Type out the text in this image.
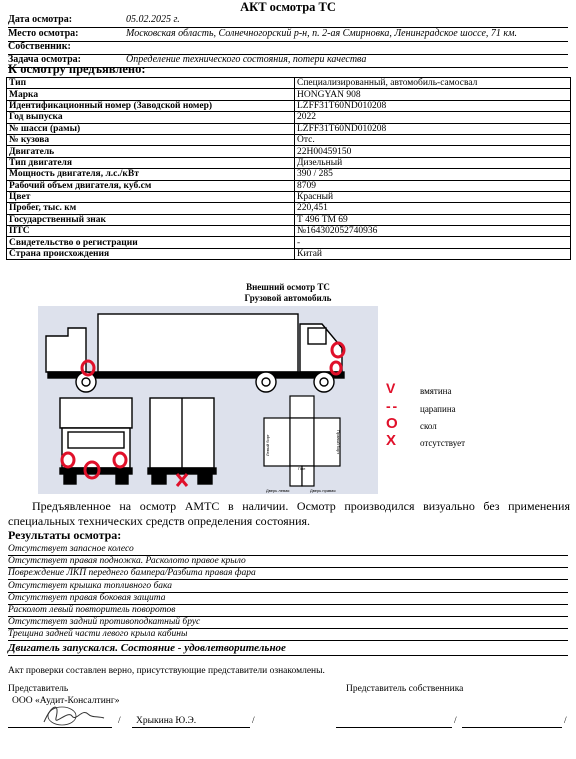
АКТ осмотра ТС
Дата осмотра:	05.02.2025 г.
Место осмотра:	Московская область, Солнечногорский р-н, п. 2-ая Смирновка, Ленинградское шоссе, 71 км.
Собственник:
Задача осмотра:	Определение технического состояния, потери качества
К осмотру предъявлено:
Тип	Специализированный, автомобиль-самосвал
Марка	HONGYAN 908
Идентификационный номер (Заводской номер)	LZFF31T60ND010208
Год выпуска	2022
№ шасси (рамы)	LZFF31T60ND010208
№ кузова	Отс.
Двигатель	22H00459150
Тип двигателя	Дизельный
Мощность двигателя, л.с./кВт	390 / 285
Рабочий объем двигателя, куб.см	8709
Цвет	Красный
Пробег, тыс. км	220,451
Государственный знак	Т 496 ТМ 69
ПТС	№164302052740936
Свидетельство о регистрации	-
Страна происхождения	Китай
Внешний осмотр ТС
Грузовой автомобиль
Левый борт	Правый борт
Пол
Дверь левая	Дверь правая
V	вмятина
- -	царапина
O скол
X	отсутствует
Предъявленное на осмотр АМТС в наличии. Осмотр производился визуально без применения специальных технических средств определения состояния.
Результаты осмотра:
Отсутствует запасное колесо
Отсутствует правая подножка. Расколото правое крыло
Повреждение ЛКП переднего бампера/Разбита правая фара
Отсутствует крышка топливного бака
Отсутствует правая боковая защита
Расколот левый повторитель поворотов
Отсутствует задний противоподкатный брус
Трещина задней части левого крыла кабины
Двигатель запускался. Состояние - удовлетворительное
Акт проверки составлен верно, присутствующие представители ознакомлены.
Представитель
ООО «Аудит-Консалтинг»
Представитель собственника
/ Хрыкина Ю.Э.	/	/	/
